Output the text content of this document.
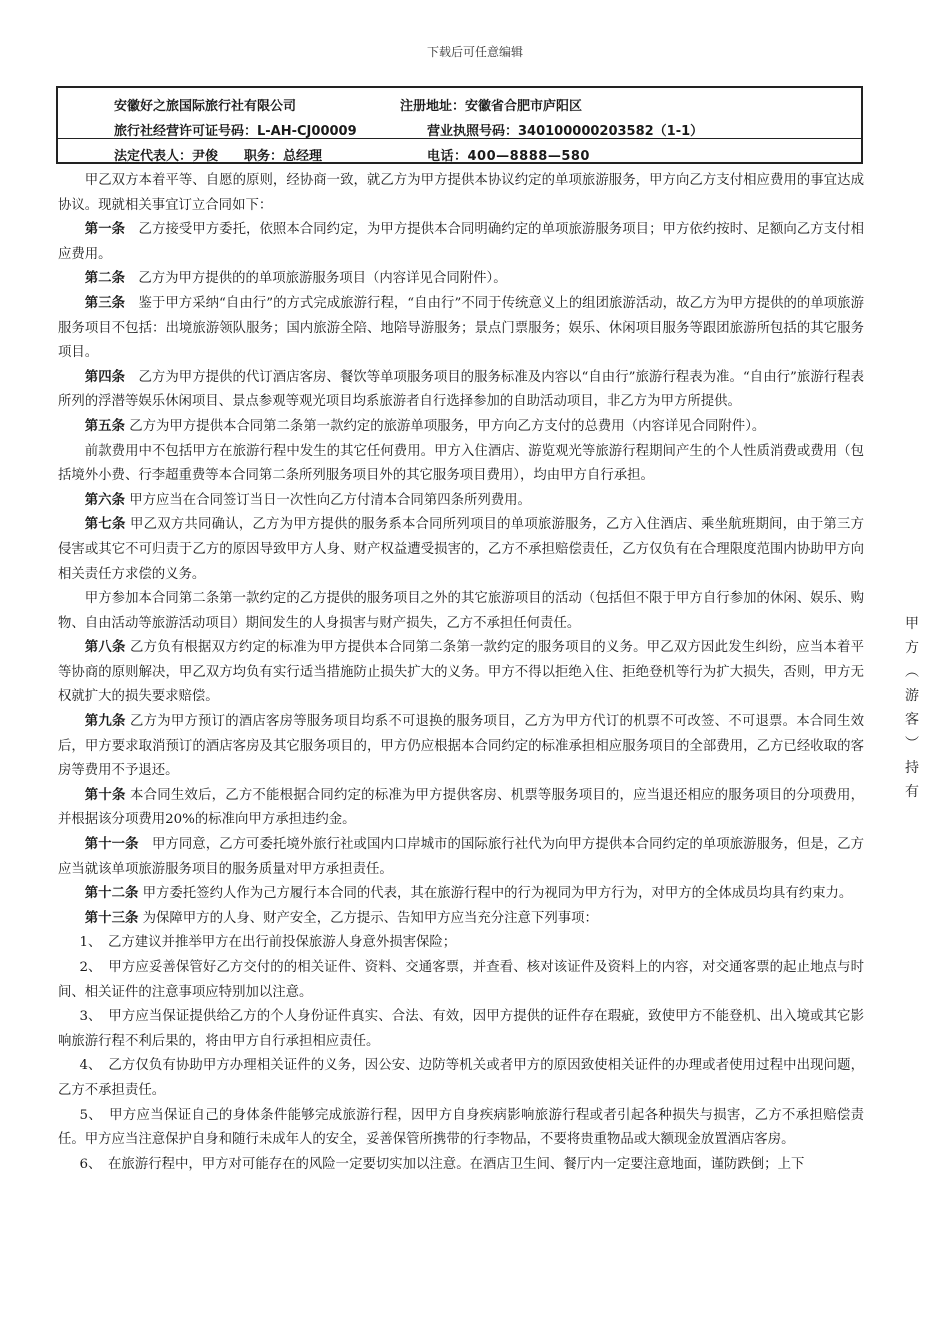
下载后可任意编辑
安徽好之旅国际旅行社有限公司	注册地址：安徽省合肥市庐阳区
旅行社经营许可证号码：L-AH-CJ00009	营业执照号码：340100000203582（1-1）
法定代表人：尹俊　　职务：总经理	电话：400—8888—580

甲乙双方本着平等、自愿的原则，经协商一致，就乙方为甲方提供本协议约定的单项旅游服务，甲方向乙方支付相应费用的事宜达成协议。现就相关事宜订立合同如下：

第一条　乙方接受甲方委托，依照本合同约定，为甲方提供本合同明确约定的单项旅游服务项目；甲方依约按时、足额向乙方支付相应费用。

第二条　乙方为甲方提供的的单项旅游服务项目（内容详见合同附件）。

第三条　鉴于甲方采纳“自由行”的方式完成旅游行程，“自由行”不同于传统意义上的组团旅游活动，故乙方为甲方提供的的单项旅游服务项目不包括：出境旅游领队服务；国内旅游全陪、地陪导游服务；景点门票服务；娱乐、休闲项目服务等跟团旅游所包括的其它服务项目。

第四条　乙方为甲方提供的代订酒店客房、餐饮等单项服务项目的服务标准及内容以“自由行”旅游行程表为准。“自由行”旅游行程表所列的浮潜等娱乐休闲项目、景点参观等观光项目均系旅游者自行选择参加的自助活动项目，非乙方为甲方所提供。

第五条 乙方为甲方提供本合同第二条第一款约定的旅游单项服务，甲方向乙方支付的总费用（内容详见合同附件）。

前款费用中不包括甲方在旅游行程中发生的其它任何费用。甲方入住酒店、游览观光等旅游行程期间产生的个人性质消费或费用（包括境外小费、行李超重费等本合同第二条所列服务项目外的其它服务项目费用），均由甲方自行承担。

第六条 甲方应当在合同签订当日一次性向乙方付清本合同第四条所列费用。

第七条 甲乙双方共同确认，乙方为甲方提供的服务系本合同所列项目的单项旅游服务，乙方入住酒店、乘坐航班期间，由于第三方侵害或其它不可归责于乙方的原因导致甲方人身、财产权益遭受损害的，乙方不承担赔偿责任，乙方仅负有在合理限度范围内协助甲方向相关责任方求偿的义务。

甲方参加本合同第二条第一款约定的乙方提供的服务项目之外的其它旅游项目的活动（包括但不限于甲方自行参加的休闲、娱乐、购物、自由活动等旅游活动项目）期间发生的人身损害与财产损失，乙方不承担任何责任。

第八条 乙方负有根据双方约定的标准为甲方提供本合同第二条第一款约定的服务项目的义务。甲乙双方因此发生纠纷，应当本着平等协商的原则解决，甲乙双方均负有实行适当措施防止损失扩大的义务。甲方不得以拒绝入住、拒绝登机等行为扩大损失，否则，甲方无权就扩大的损失要求赔偿。

第九条 乙方为甲方预订的酒店客房等服务项目均系不可退换的服务项目，乙方为甲方代订的机票不可改签、不可退票。本合同生效后，甲方要求取消预订的酒店客房及其它服务项目的，甲方仍应根据本合同约定的标准承担相应服务项目的全部费用，乙方已经收取的客房等费用不予退还。

第十条 本合同生效后，乙方不能根据合同约定的标准为甲方提供客房、机票等服务项目的，应当退还相应的服务项目的分项费用，并根据该分项费用20%的标准向甲方承担违约金。

第十一条　甲方同意，乙方可委托境外旅行社或国内口岸城市的国际旅行社代为向甲方提供本合同约定的单项旅游服务，但是，乙方应当就该单项旅游服务项目的服务质量对甲方承担责任。

第十二条 甲方委托签约人作为己方履行本合同的代表，其在旅游行程中的行为视同为甲方行为，对甲方的全体成员均具有约束力。

第十三条 为保障甲方的人身、财产安全，乙方提示、告知甲方应当充分注意下列事项：

1、　乙方建议并推举甲方在出行前投保旅游人身意外损害保险；

2、　甲方应妥善保管好乙方交付的的相关证件、资料、交通客票，并查看、核对该证件及资料上的内容，对交通客票的起止地点与时间、相关证件的注意事项应特别加以注意。

3、　甲方应当保证提供给乙方的个人身份证件真实、合法、有效，因甲方提供的证件存在瑕疵，致使甲方不能登机、出入境或其它影响旅游行程不利后果的，将由甲方自行承担相应责任。

4、　乙方仅负有协助甲方办理相关证件的义务，因公安、边防等机关或者甲方的原因致使相关证件的办理或者使用过程中出现问题，乙方不承担责任。

5、　甲方应当保证自己的身体条件能够完成旅游行程，因甲方自身疾病影响旅游行程或者引起各种损失与损害，乙方不承担赔偿责任。甲方应当注意保护自身和随行未成年人的安全，妥善保管所携带的行李物品，不要将贵重物品或大额现金放置酒店客房。

6、　在旅游行程中，甲方对可能存在的风险一定要切实加以注意。在酒店卫生间、餐厅内一定要注意地面，谨防跌倒；上下

甲
方
︵
游
客
︶
持
有
